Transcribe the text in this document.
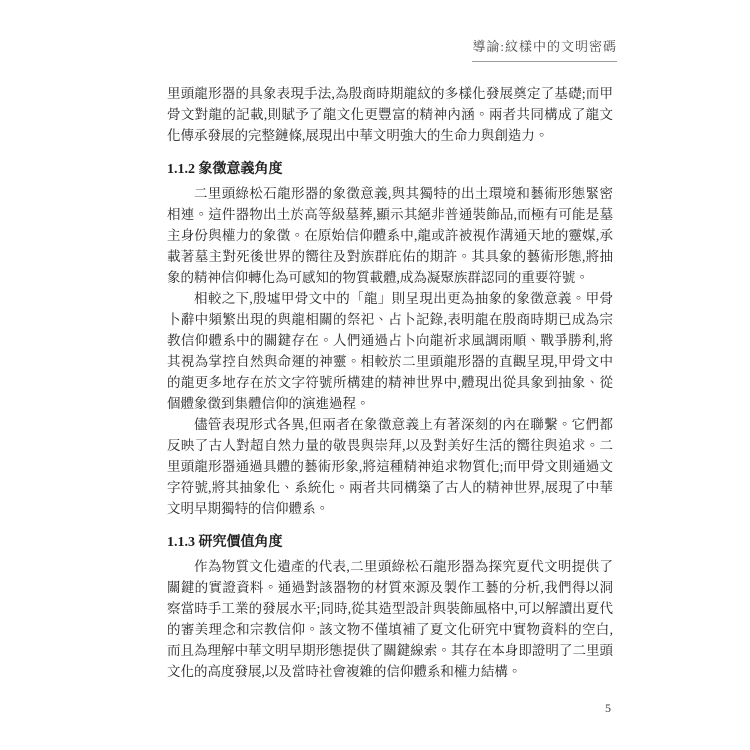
導論:紋樣中的文明密碼

里頭龍形器的具象表現手法,為殷商時期龍紋的多樣化發展奠定了基礎;而甲骨文對龍的記載,則賦予了龍文化更豐富的精神內涵。兩者共同構成了龍文化傳承發展的完整鏈條,展現出中華文明強大的生命力與創造力。

1.1.2 象徵意義角度

二里頭綠松石龍形器的象徵意義,與其獨特的出土環境和藝術形態緊密相連。這件器物出土於高等級墓葬,顯示其絕非普通裝飾品,而極有可能是墓主身份與權力的象徵。在原始信仰體系中,龍或許被視作溝通天地的靈媒,承載著墓主對死後世界的嚮往及對族群庇佑的期許。其具象的藝術形態,將抽象的精神信仰轉化為可感知的物質載體,成為凝聚族群認同的重要符號。

相較之下,殷墟甲骨文中的「龍」則呈現出更為抽象的象徵意義。甲骨卜辭中頻繁出現的與龍相關的祭祀、占卜記錄,表明龍在殷商時期已成為宗教信仰體系中的關鍵存在。人們通過占卜向龍祈求風調雨順、戰爭勝利,將其視為掌控自然與命運的神靈。相較於二里頭龍形器的直觀呈現,甲骨文中的龍更多地存在於文字符號所構建的精神世界中,體現出從具象到抽象、從個體象徵到集體信仰的演進過程。

儘管表現形式各異,但兩者在象徵意義上有著深刻的內在聯繫。它們都反映了古人對超自然力量的敬畏與崇拜,以及對美好生活的嚮往與追求。二里頭龍形器通過具體的藝術形象,將這種精神追求物質化;而甲骨文則通過文字符號,將其抽象化、系統化。兩者共同構築了古人的精神世界,展現了中華文明早期獨特的信仰體系。

1.1.3 研究價值角度

作為物質文化遺產的代表,二里頭綠松石龍形器為探究夏代文明提供了關鍵的實證資料。通過對該器物的材質來源及製作工藝的分析,我們得以洞察當時手工業的發展水平;同時,從其造型設計與裝飾風格中,可以解讀出夏代的審美理念和宗教信仰。該文物不僅填補了夏文化研究中實物資料的空白,而且為理解中華文明早期形態提供了關鍵線索。其存在本身即證明了二里頭文化的高度發展,以及當時社會複雜的信仰體系和權力結構。

5
